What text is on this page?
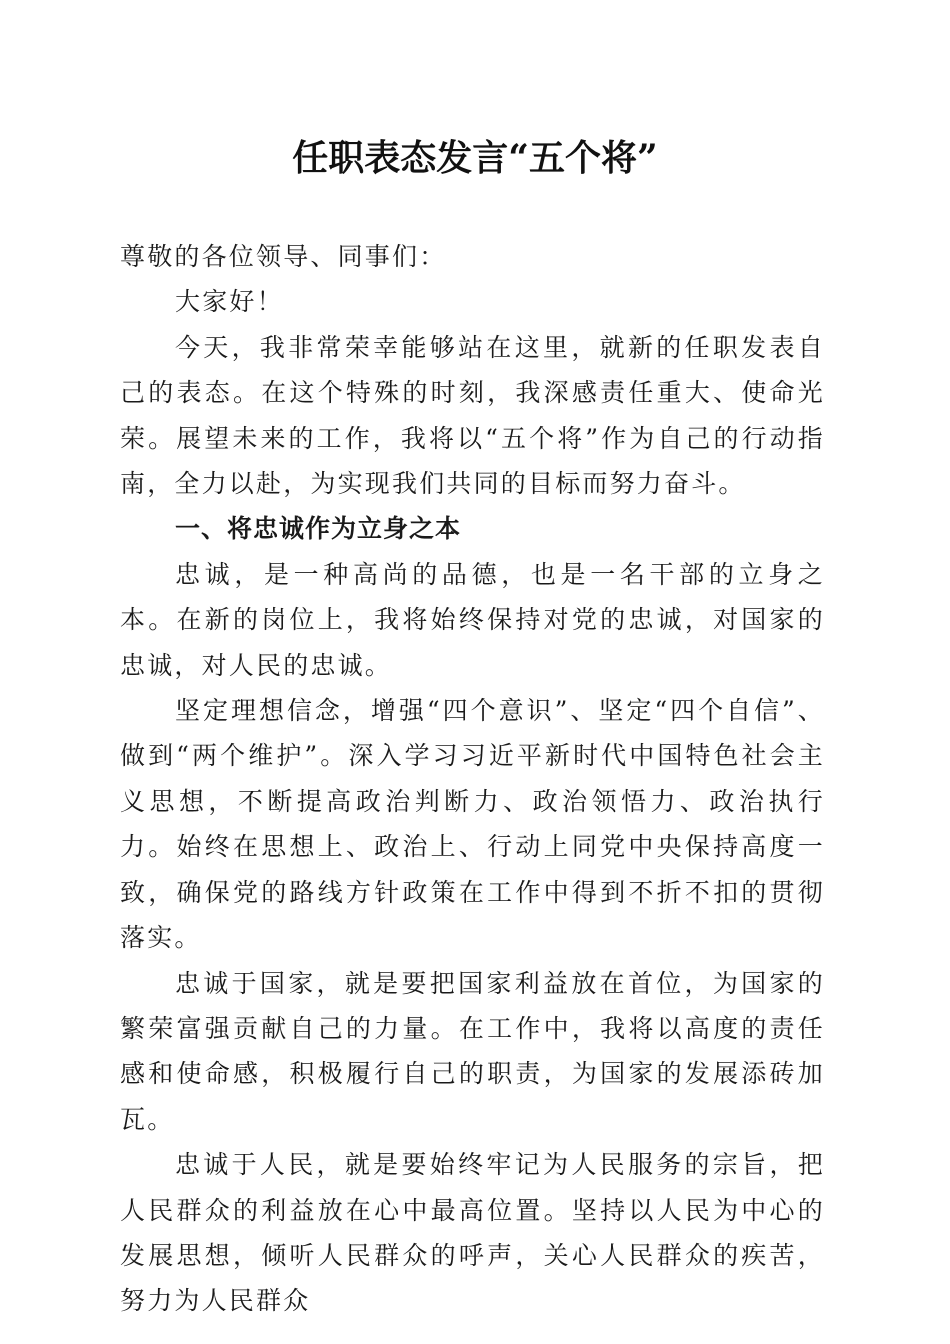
任职表态发言“五个将”

尊敬的各位领导、同事们：

大家好！

今天，我非常荣幸能够站在这里，就新的任职发表自己的表态。在这个特殊的时刻，我深感责任重大、使命光荣。展望未来的工作，我将以“五个将”作为自己的行动指南，全力以赴，为实现我们共同的目标而努力奋斗。

一、将忠诚作为立身之本

忠诚，是一种高尚的品德，也是一名干部的立身之本。在新的岗位上，我将始终保持对党的忠诚，对国家的忠诚，对人民的忠诚。

坚定理想信念，增强“四个意识”、坚定“四个自信”、做到“两个维护”。深入学习习近平新时代中国特色社会主义思想，不断提高政治判断力、政治领悟力、政治执行力。始终在思想上、政治上、行动上同党中央保持高度一致，确保党的路线方针政策在工作中得到不折不扣的贯彻落实。

忠诚于国家，就是要把国家利益放在首位，为国家的繁荣富强贡献自己的力量。在工作中，我将以高度的责任感和使命感，积极履行自己的职责，为国家的发展添砖加瓦。

忠诚于人民，就是要始终牢记为人民服务的宗旨，把人民群众的利益放在心中最高位置。坚持以人民为中心的发展思想，倾听人民群众的呼声，关心人民群众的疾苦，努力为人民群众
